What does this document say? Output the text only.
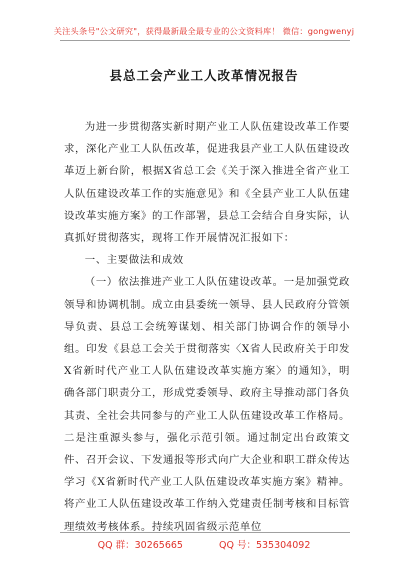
关注头条号"公文研究"，获得最新最全最专业的公文资料库！ 微信：gongwenyj
县总工会产业工人改革情况报告

为进一步贯彻落实新时期产业工人队伍建设改革工作要求，深化产业工人队伍改革，促进我县产业工人队伍建设改革迈上新台阶，根据X省总工会《关于深入推进全省产业工人队伍建设改革工作的实施意见》和《全县产业工人队伍建设改革实施方案》的工作部署，县总工会结合自身实际，认真抓好贯彻落实，现将工作开展情况汇报如下：

一、主要做法和成效

（一）依法推进产业工人队伍建设改革。一是加强党政领导和协调机制。成立由县委统一领导、县人民政府分管领导负责、县总工会统筹谋划、相关部门协调合作的领导小组。印发《县总工会关于贯彻落实〈X省人民政府关于印发X省新时代产业工人队伍建设改革实施方案〉的通知》，明确各部门职责分工，形成党委领导、政府主导推动部门各负其责、全社会共同参与的产业工人队伍建设改革工作格局。二是注重源头参与，强化示范引领。通过制定出台政策文件、召开会议、下发通报等形式向广大企业和职工群众传达学习《X省新时代产业工人队伍建设改革实施方案》精神。将产业工人队伍建设改革工作纳入党建责任制考核和目标管理绩效考核体系。持续巩固省级示范单位

QQ 群：30265665	QQ 号：535304092
